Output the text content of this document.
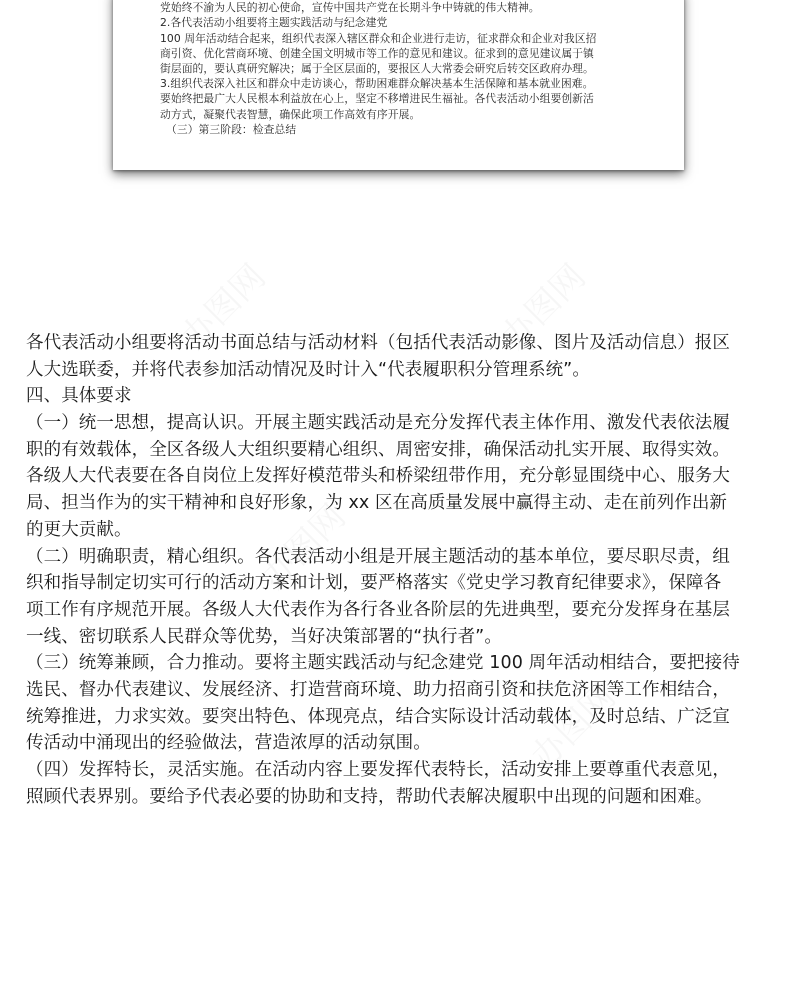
党始终不渝为人民的初心使命，宣传中国共产党在长期斗争中铸就的伟大精神。
2.各代表活动小组要将主题实践活动与纪念建党
100 周年活动结合起来，组织代表深入辖区群众和企业进行走访，征求群众和企业对我区招
商引资、优化营商环境、创建全国文明城市等工作的意见和建议。征求到的意见建议属于镇
街层面的，要认真研究解决；属于全区层面的，要报区人大常委会研究后转交区政府办理。
3.组织代表深入社区和群众中走访谈心，帮助困难群众解决基本生活保障和基本就业困难。
要始终把最广大人民根本利益放在心上，坚定不移增进民生福祉。各代表活动小组要创新活
动方式，凝聚代表智慧，确保此项工作高效有序开展。
（三）第三阶段：检查总结
各代表活动小组要将活动书面总结与活动材料（包括代表活动影像、图片及活动信息）报区
人大选联委，并将代表参加活动情况及时计入“代表履职积分管理系统”。
四、具体要求
（一）统一思想，提高认识。开展主题实践活动是充分发挥代表主体作用、激发代表依法履
职的有效载体，全区各级人大组织要精心组织、周密安排，确保活动扎实开展、取得实效。
各级人大代表要在各自岗位上发挥好模范带头和桥梁纽带作用，充分彰显围绕中心、服务大
局、担当作为的实干精神和良好形象，为 xx 区在高质量发展中赢得主动、走在前列作出新
的更大贡献。
（二）明确职责，精心组织。各代表活动小组是开展主题活动的基本单位，要尽职尽责，组
织和指导制定切实可行的活动方案和计划，要严格落实《党史学习教育纪律要求》，保障各
项工作有序规范开展。各级人大代表作为各行各业各阶层的先进典型，要充分发挥身在基层
一线、密切联系人民群众等优势，当好决策部署的“执行者”。
（三）统筹兼顾，合力推动。要将主题实践活动与纪念建党 100 周年活动相结合，要把接待
选民、督办代表建议、发展经济、打造营商环境、助力招商引资和扶危济困等工作相结合，
统筹推进，力求实效。要突出特色、体现亮点，结合实际设计活动载体，及时总结、广泛宣
传活动中涌现出的经验做法，营造浓厚的活动氛围。
（四）发挥特长，灵活实施。在活动内容上要发挥代表特长，活动安排上要尊重代表意见，
照顾代表界别。要给予代表必要的协助和支持，帮助代表解决履职中出现的问题和困难。
